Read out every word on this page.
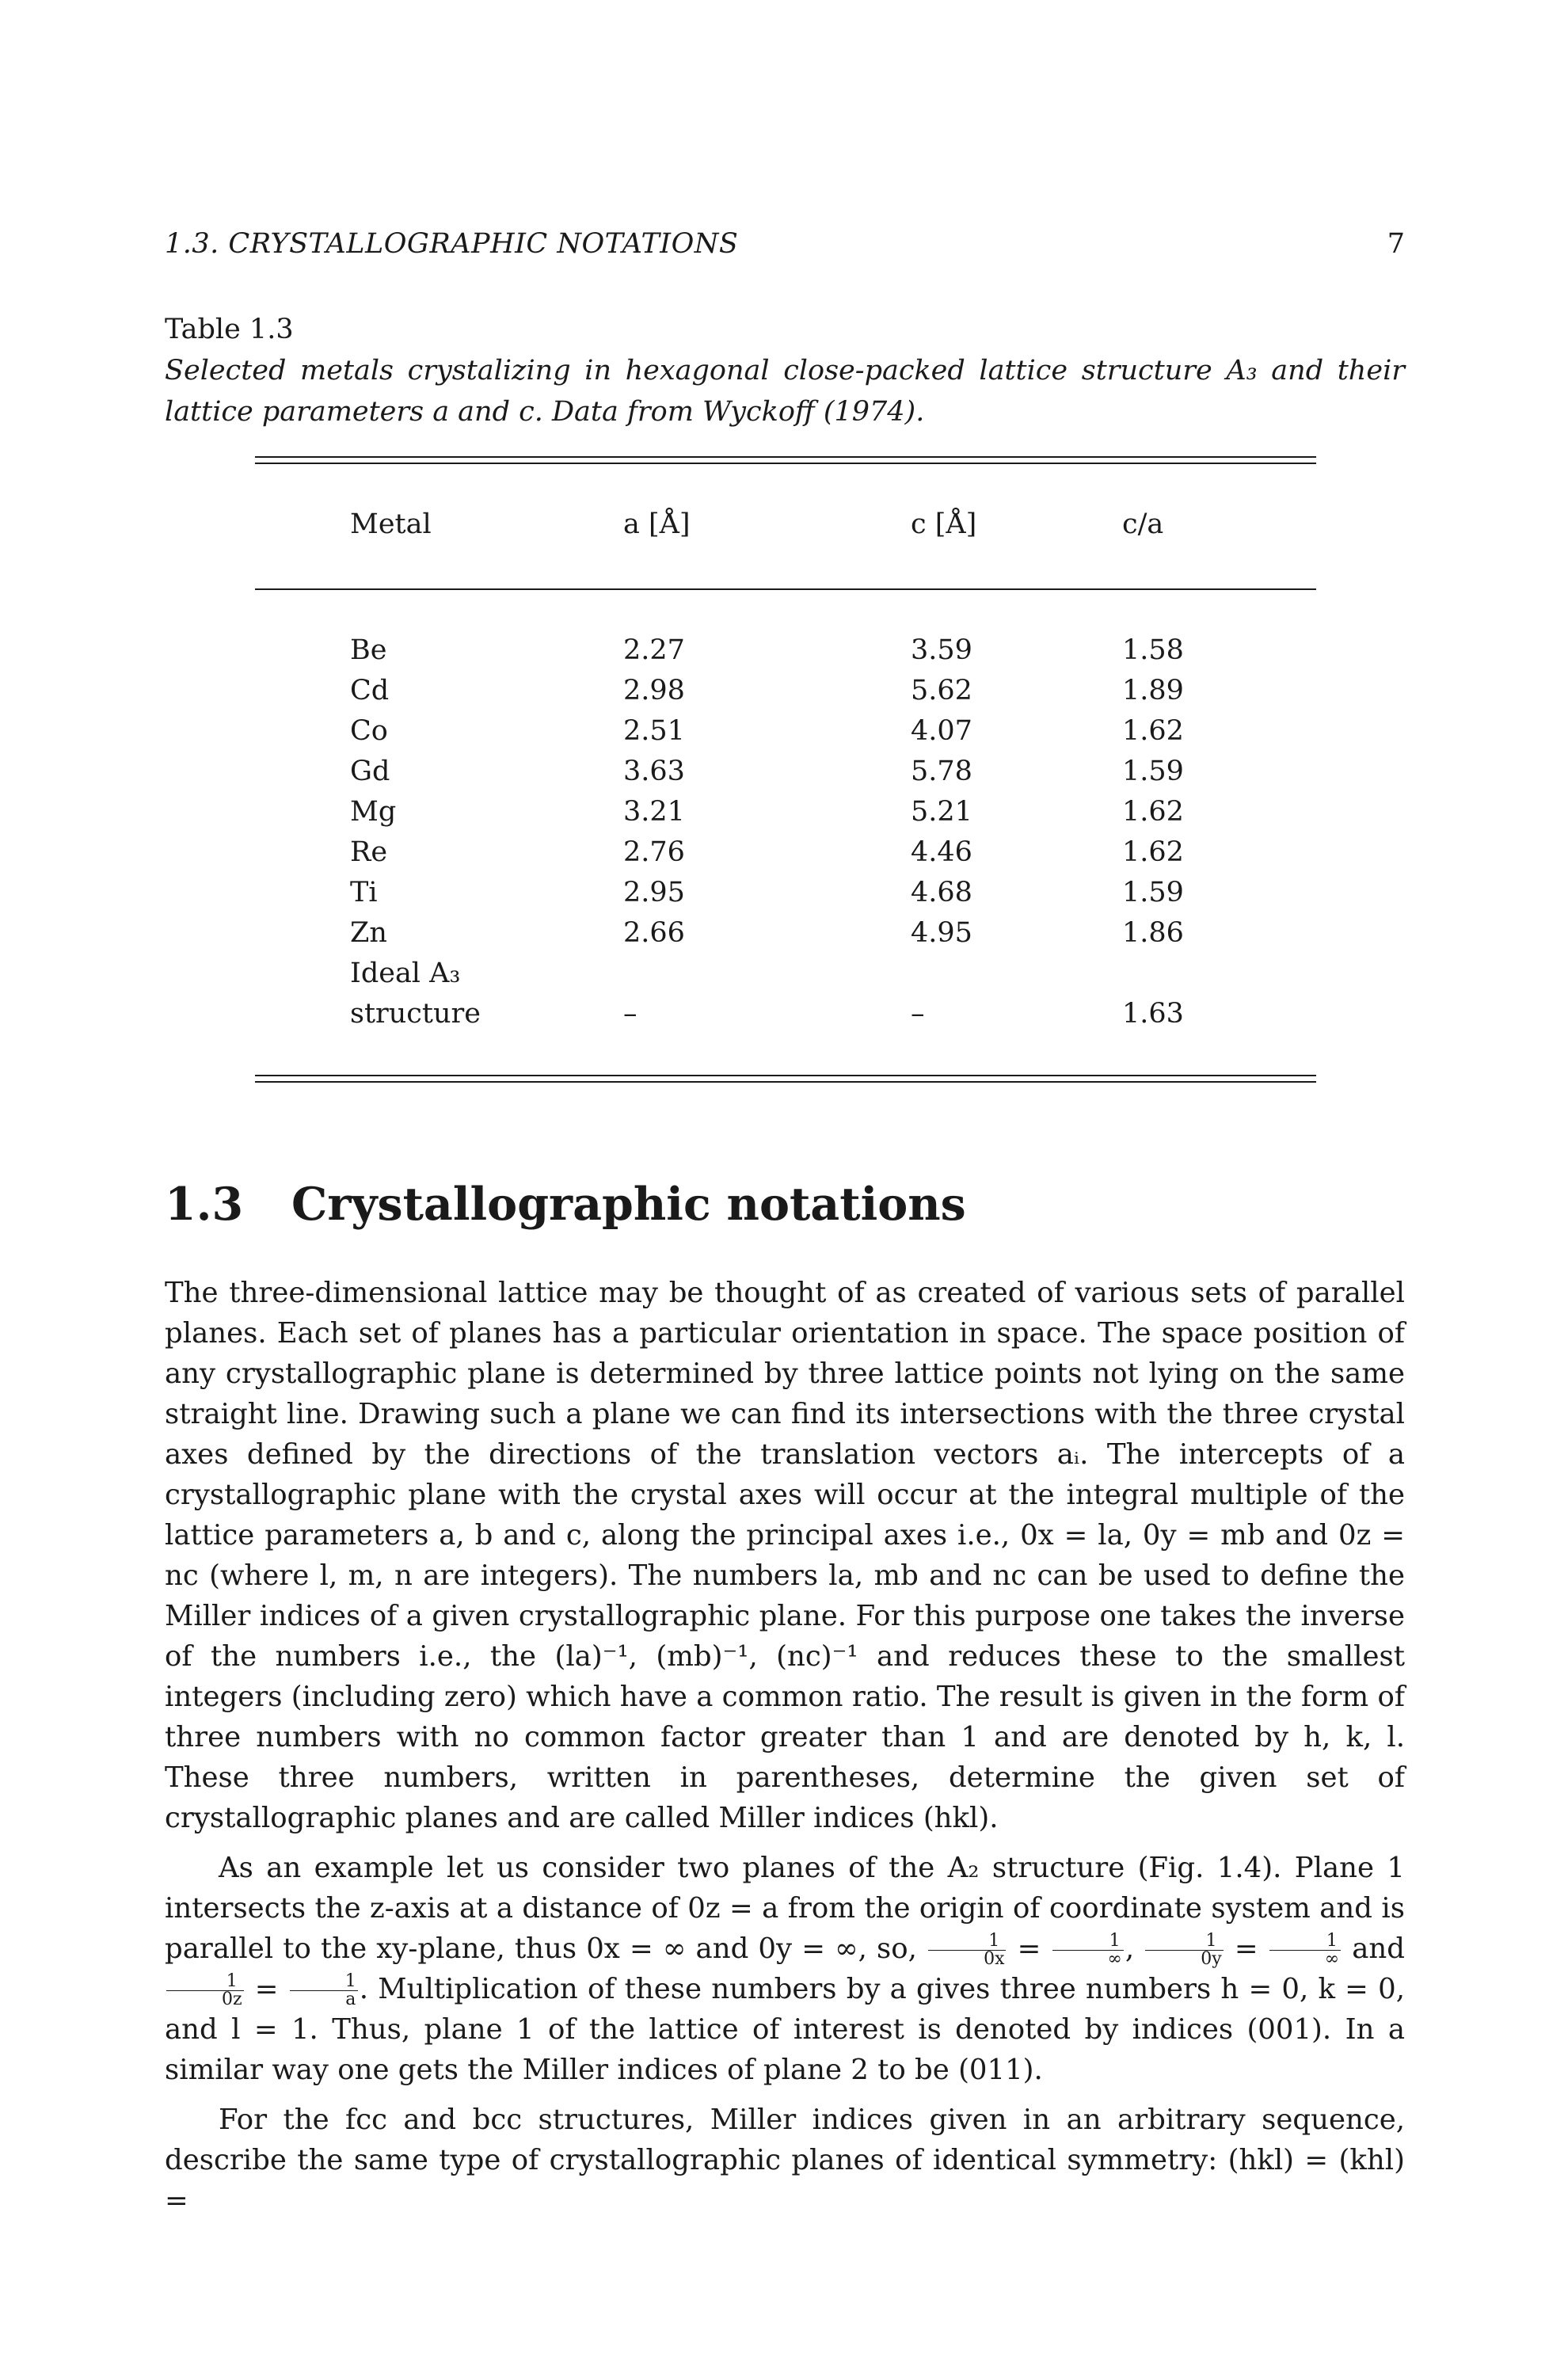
1.3. CRYSTALLOGRAPHIC NOTATIONS	7
Table 1.3
Selected metals crystalizing in hexagonal close-packed lattice structure A₃ and their lattice parameters a and c. Data from Wyckoff (1974).
Metal	a [Å]	c [Å]	c/a
Be	2.27	3.59	1.58
Cd	2.98	5.62	1.89
Co	2.51	4.07	1.62
Gd	3.63	5.78	1.59
Mg	3.21	5.21	1.62
Re	2.76	4.46	1.62
Ti	2.95	4.68	1.59
Zn	2.66	4.95	1.86
Ideal A₃
structure	–	–	1.63
1.3 Crystallographic notations

The three-dimensional lattice may be thought of as created of various sets of parallel planes. Each set of planes has a particular orientation in space. The space position of any crystallographic plane is determined by three lattice points not lying on the same straight line. Drawing such a plane we can find its intersections with the three crystal axes defined by the directions of the translation vectors aᵢ. The intercepts of a crystallographic plane with the crystal axes will occur at the integral multiple of the lattice parameters a, b and c, along the principal axes i.e., 0x = la, 0y = mb and 0z = nc (where l, m, n are integers). The numbers la, mb and nc can be used to define the Miller indices of a given crystallographic plane. For this purpose one takes the inverse of the numbers i.e., the (la)⁻¹, (mb)⁻¹, (nc)⁻¹ and reduces these to the smallest integers (including zero) which have a common ratio. The result is given in the form of three numbers with no common factor greater than 1 and are denoted by h, k, l. These three numbers, written in parentheses, determine the given set of crystallographic planes and are called Miller indices (hkl).

As an example let us consider two planes of the A₂ structure (Fig. 1.4). Plane 1 intersects the z-axis at a distance of 0z = a from the origin of coordinate system and is parallel to the xy-plane, thus 0x = ∞ and 0y = ∞, so, $\frac{1}{0x} = \frac{1}{\infty}$ , $\frac{1}{0y} = \frac{1}{\infty}$ and
$\frac{1}{0z} = \frac{1}{a}$ . Multiplication of these numbers by a gives three numbers h = 0, k = 0, and l = 1. Thus, plane 1 of the lattice of interest is denoted by indices (001). In a similar way one gets the Miller indices of plane 2 to be (011).

For the fcc and bcc structures, Miller indices given in an arbitrary sequence, describe the same type of crystallographic planes of identical symmetry: (hkl) = (khl) =
